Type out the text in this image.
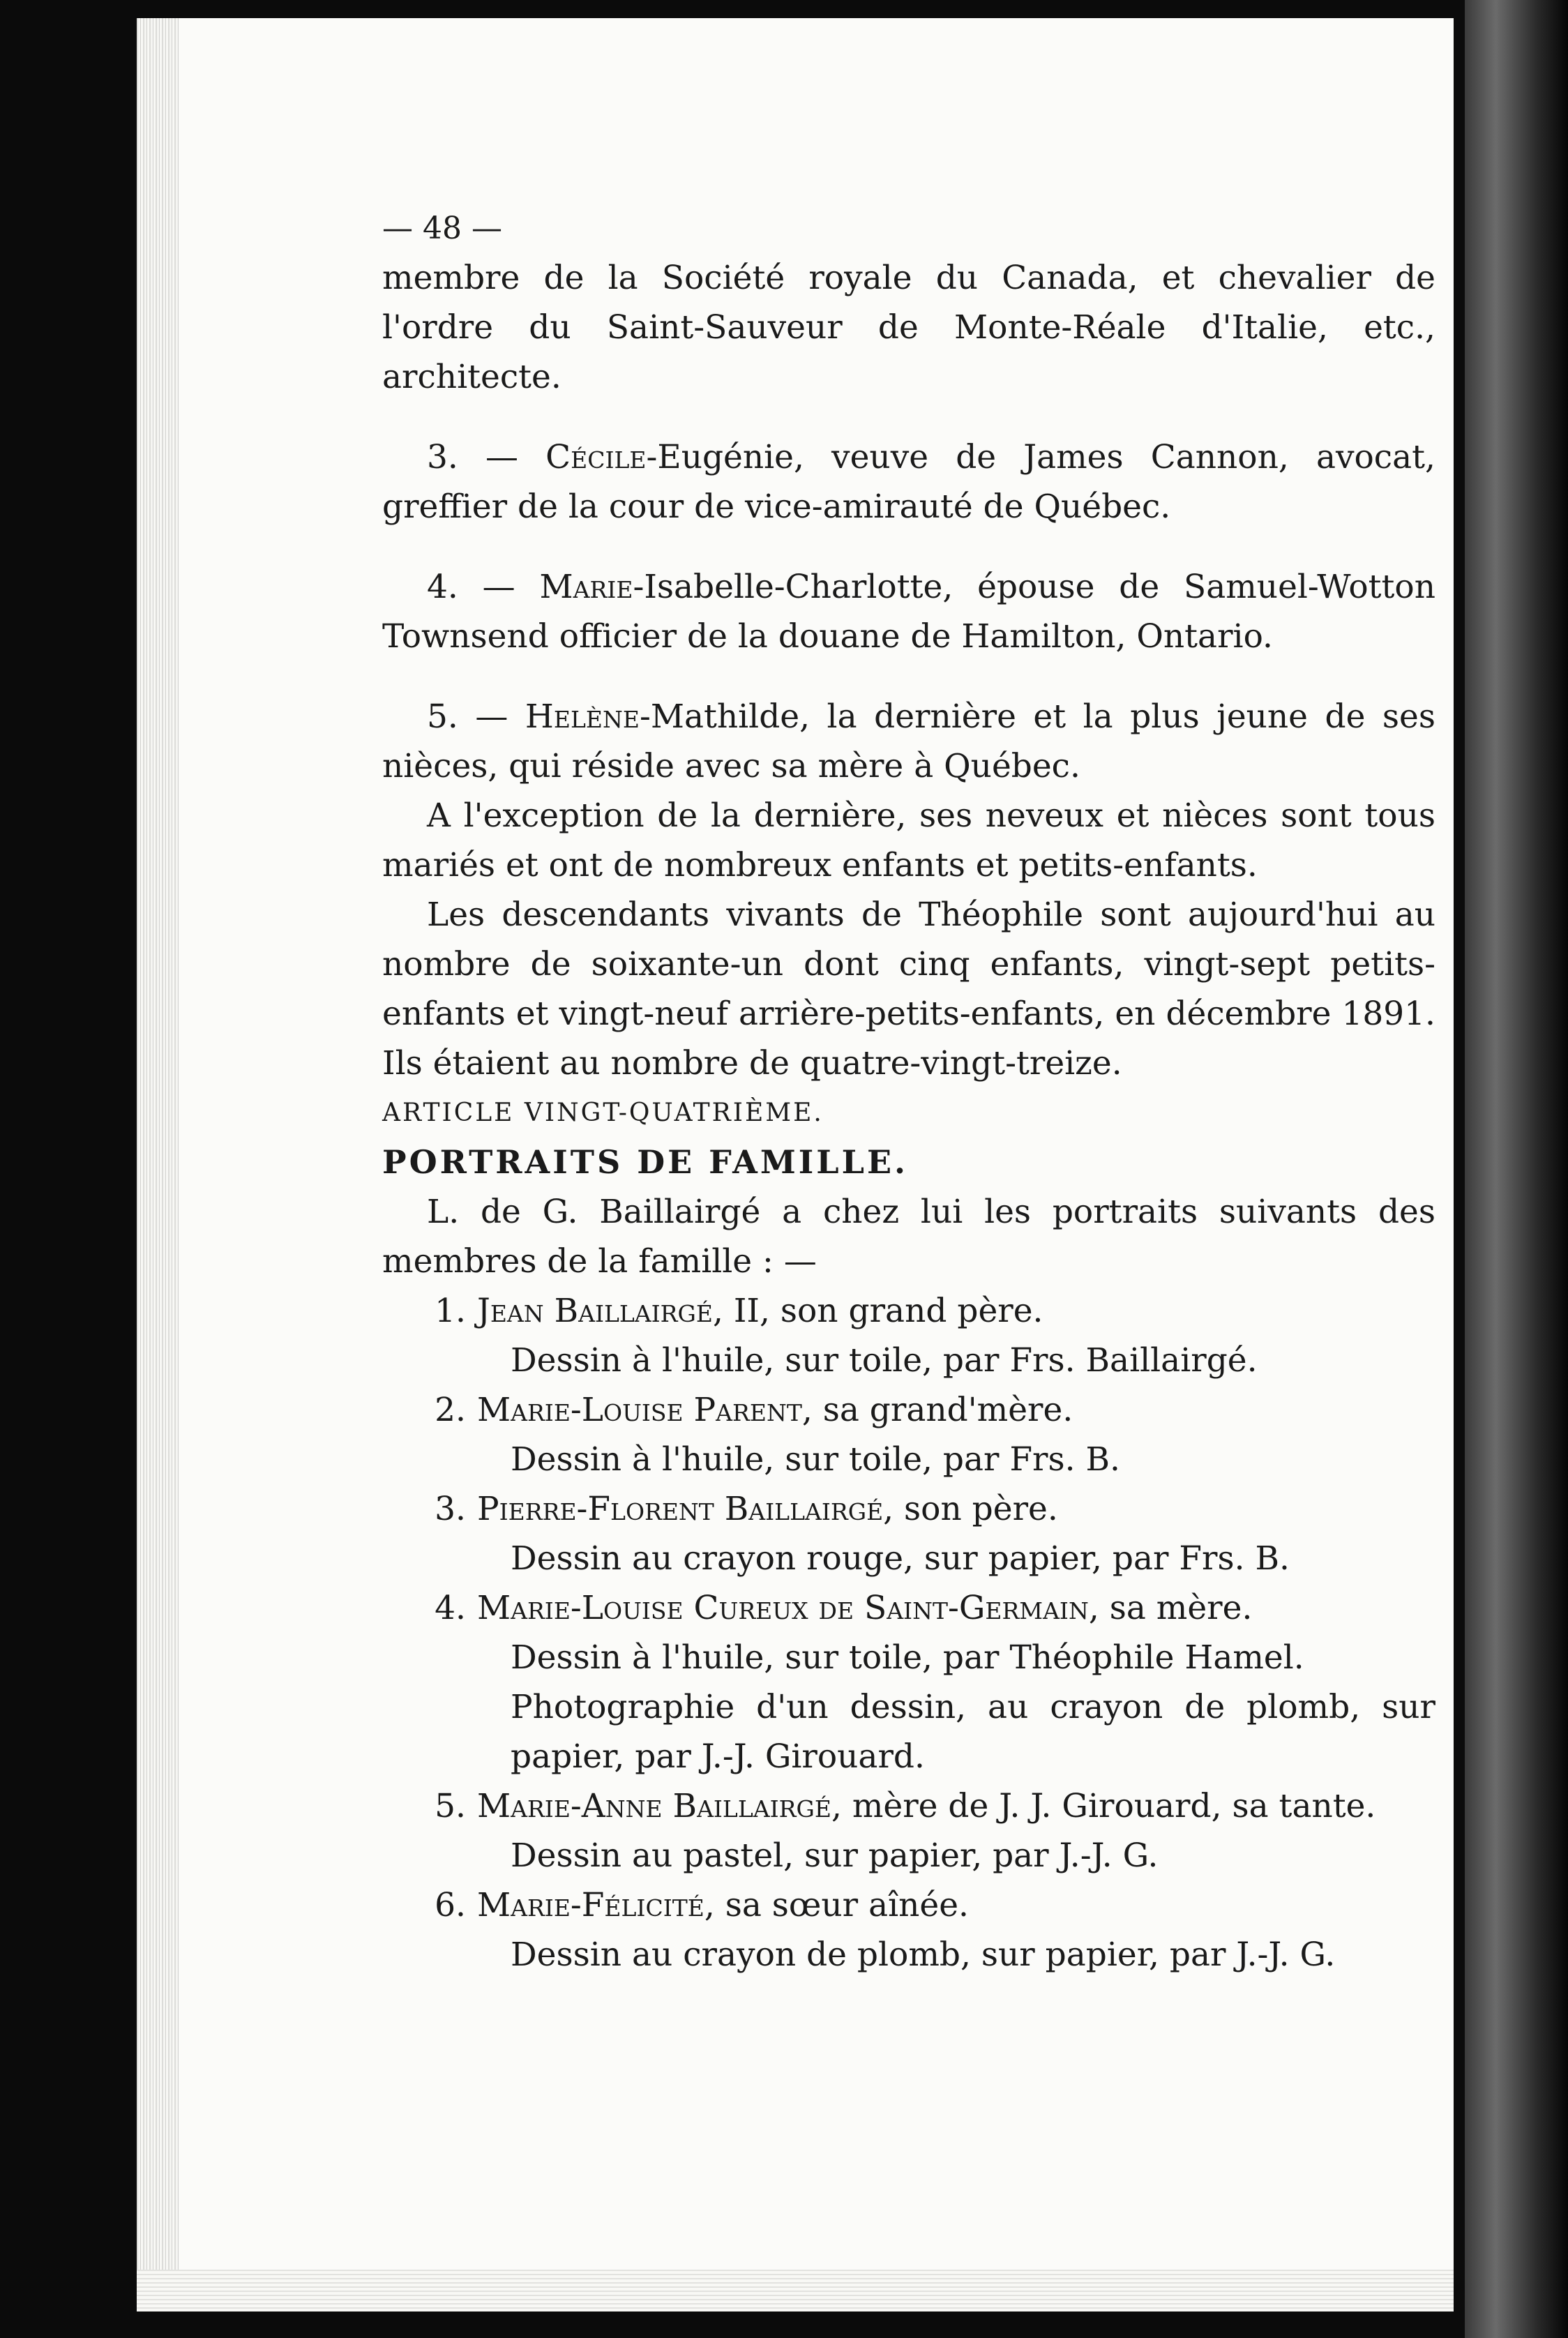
— 48 —

membre de la Société royale du Canada, et chevalier de l'ordre du Saint-Sauveur de Monte-Réale d'Italie, etc., architecte.

3. — Cécile-Eugénie, veuve de James Cannon, avocat, greffier de la cour de vice-amirauté de Québec.

4. — Marie-Isabelle-Charlotte, épouse de Samuel-Wotton Townsend officier de la douane de Hamilton, Ontario.

5. — Helène-Mathilde, la dernière et la plus jeune de ses nièces, qui réside avec sa mère à Québec.

A l'exception de la dernière, ses neveux et nièces sont tous mariés et ont de nombreux enfants et petits-enfants.

Les descendants vivants de Théophile sont aujourd'hui au nombre de soixante-un dont cinq enfants, vingt-sept petits-enfants et vingt-neuf arrière-petits-enfants, en décembre 1891. Ils étaient au nombre de quatre-vingt-treize.

ARTICLE VINGT-QUATRIÈME.

PORTRAITS DE FAMILLE.

L. de G. Baillairgé a chez lui les portraits suivants des membres de la famille : —

1. Jean Baillairgé, II, son grand père.

Dessin à l'huile, sur toile, par Frs. Baillairgé.

2. Marie-Louise Parent, sa grand'mère.

Dessin à l'huile, sur toile, par Frs. B.

3. Pierre-Florent Baillairgé, son père.

Dessin au crayon rouge, sur papier, par Frs. B.

4. Marie-Louise Cureux de Saint-Germain, sa mère.

Dessin à l'huile, sur toile, par Théophile Hamel.

Photographie d'un dessin, au crayon de plomb, sur papier, par J.-J. Girouard.

5. Marie-Anne Baillairgé, mère de J. J. Girouard, sa tante.

Dessin au pastel, sur papier, par J.-J. G.

6. Marie-Félicité, sa sœur aînée.

Dessin au crayon de plomb, sur papier, par J.-J. G.
